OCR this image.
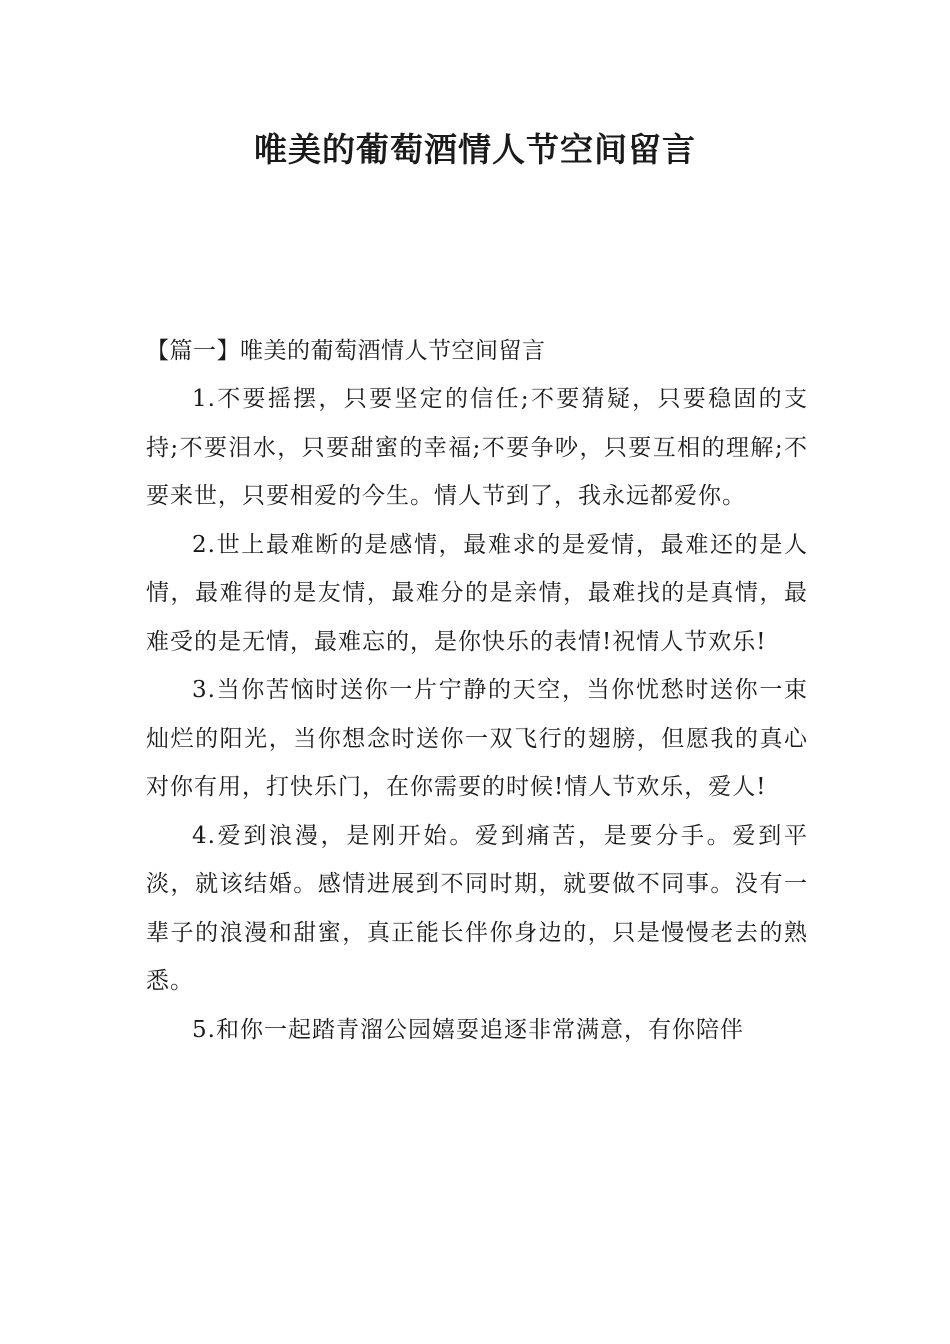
唯美的葡萄酒情人节空间留言

【篇一】唯美的葡萄酒情人节空间留言

1.不要摇摆，只要坚定的信任;不要猜疑，只要稳固的支持;不要泪水，只要甜蜜的幸福;不要争吵，只要互相的理解;不要来世，只要相爱的今生。情人节到了，我永远都爱你。

2.世上最难断的是感情，最难求的是爱情，最难还的是人情，最难得的是友情，最难分的是亲情，最难找的是真情，最难受的是无情，最难忘的，是你快乐的表情!祝情人节欢乐!

3.当你苦恼时送你一片宁静的天空，当你忧愁时送你一束灿烂的阳光，当你想念时送你一双飞行的翅膀，但愿我的真心对你有用，打快乐门，在你需要的时候!情人节欢乐，爱人!

4.爱到浪漫，是刚开始。爱到痛苦，是要分手。爱到平淡，就该结婚。感情进展到不同时期，就要做不同事。没有一辈子的浪漫和甜蜜，真正能长伴你身边的，只是慢慢老去的熟悉。

5.和你一起踏青溜公园嬉耍追逐非常满意，有你陪伴
